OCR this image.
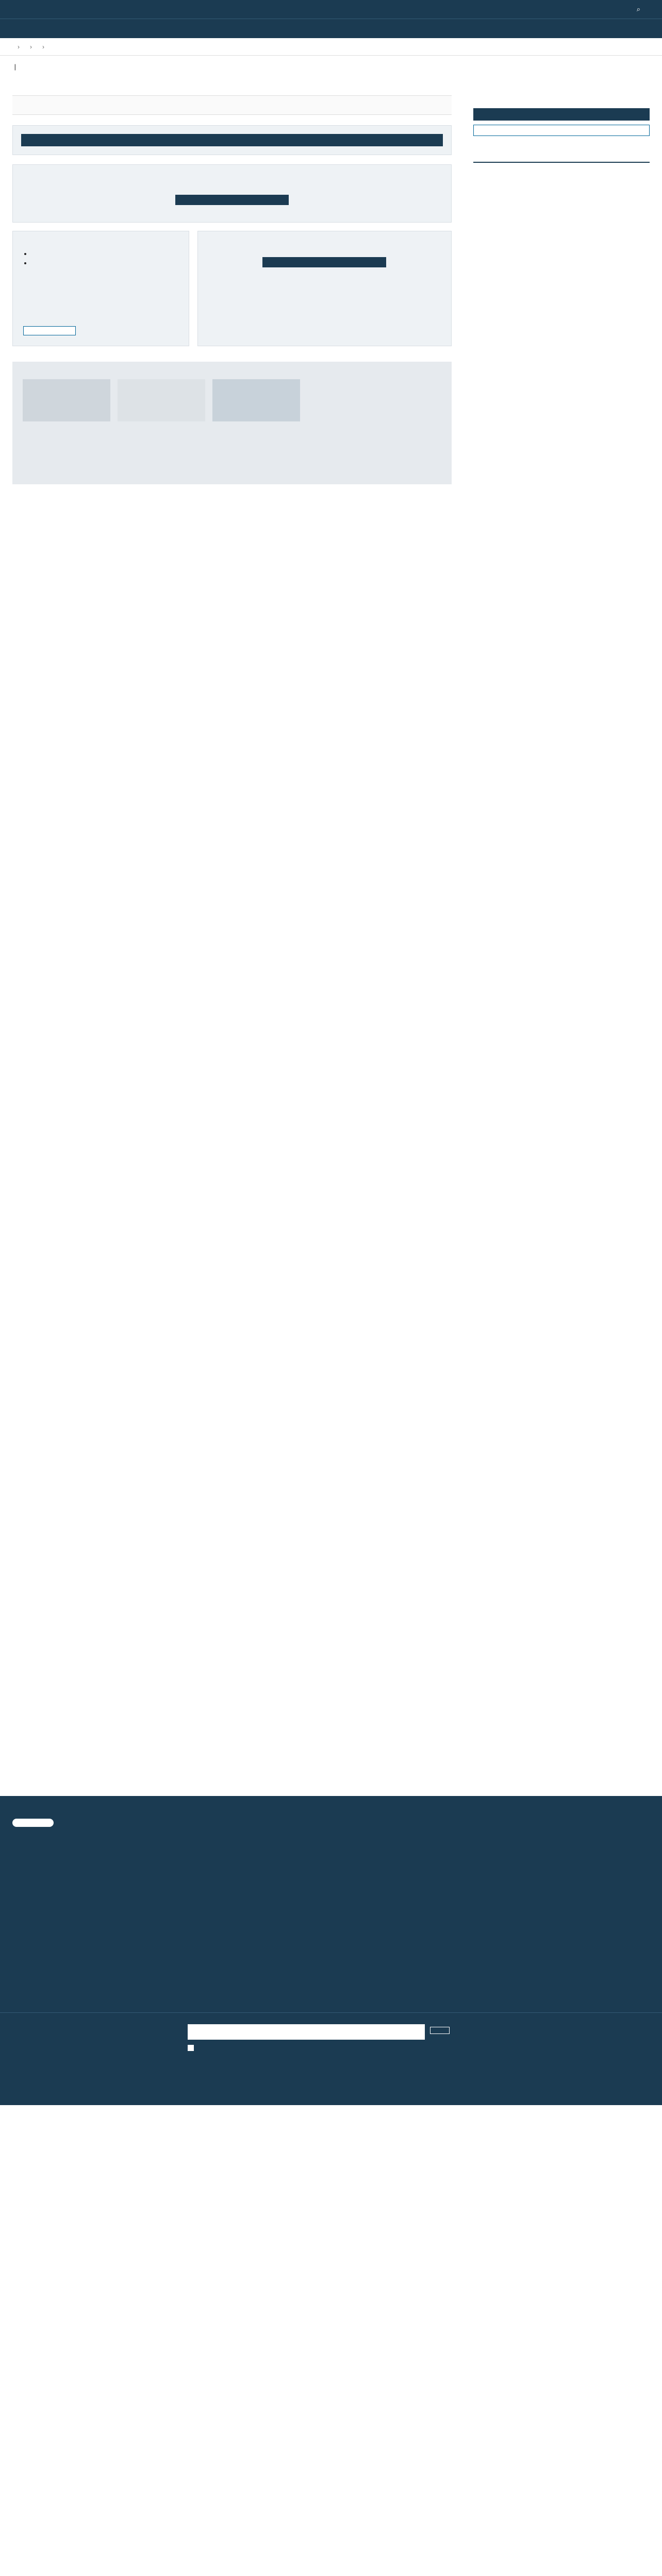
⌕
› › ›
|

•
•
